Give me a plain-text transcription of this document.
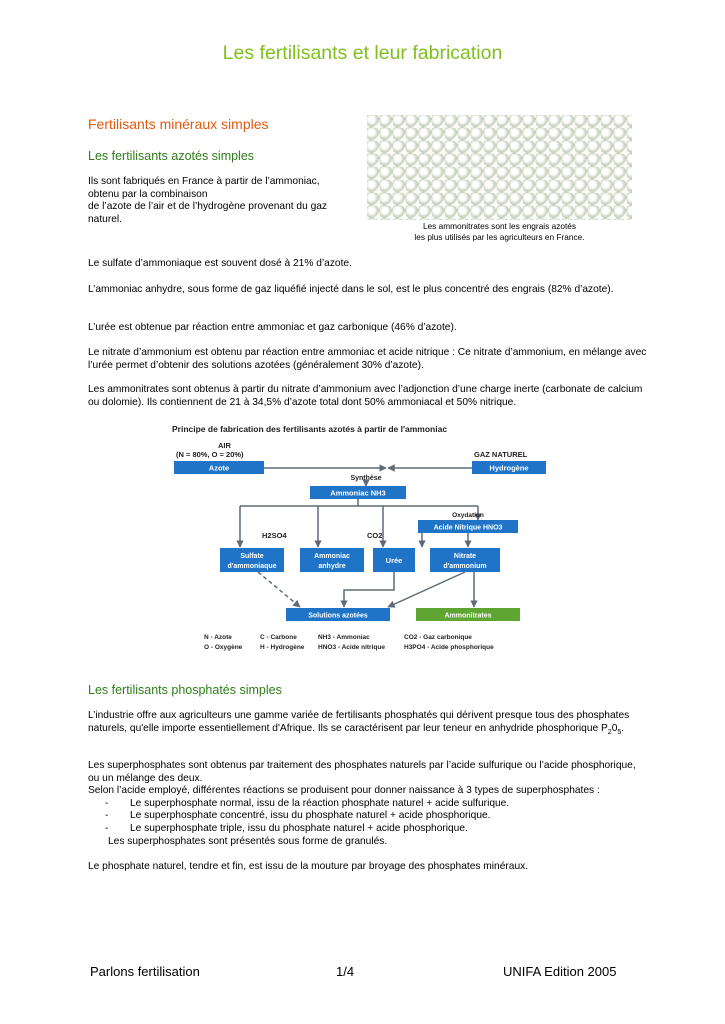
Les fertilisants et leur fabrication
Fertilisants minéraux simples
Les fertilisants azotés simples
Ils sont fabriqués en France à partir de l’ammoniac,
obtenu par la combinaison
de l’azote de l’air et de l’hydrogène provenant du gaz
naturel.
Les ammonitrates sont les engrais azotés
les plus utilisés par les agriculteurs en France.
Le sulfate d’ammoniaque est souvent dosé à 21% d’azote.
L’ammoniac anhydre, sous forme de gaz liquéfié injecté dans le sol, est le plus concentré des engrais (82% d’azote).
L’urée est obtenue par réaction entre ammoniac et gaz carbonique (46% d’azote).
Le nitrate d’ammonium est obtenu par réaction entre ammoniac et acide nitrique : Ce nitrate d’ammonium, en mélange avec l’urée permet d’obtenir des solutions azotées (généralement 30% d’azote).
Les ammonitrates sont obtenus à partir du nitrate d’ammonium avec l’adjonction d’une charge inerte (carbonate de calcium ou dolomie). Ils contiennent de 21 à 34,5% d’azote total dont 50% ammoniacal et 50% nitrique.
Principe de fabrication des fertilisants azotés à partir de l'ammoniac
AIR
(N = 80%, O = 20%)	GAZ NATUREL
Azote	Hydrogène
Synthèse
Ammoniac NH3
Oxydation
Acide Nitrique HNO3
H2SO4	CO2
Sulfate
d'ammoniaque
Ammoniac
anhydre
Urée	Nitrate
d'ammonium
Solutions azotées	Ammonitrates
N - Azote	C - Carbone	NH3 - Ammoniac	CO2 - Gaz carbonique
O - Oxygène	H - Hydrogène HNO3 - Acide nitrique	H3PO4 - Acide phosphorique
Les fertilisants phosphatés simples
L’industrie offre aux agriculteurs une gamme variée de fertilisants phosphatés qui dérivent presque tous des phosphates naturels, qu'elle importe essentiellement d'Afrique. Ils se caractérisent par leur teneur en anhydride phosphorique $P_20_5$.
Les superphosphates sont obtenus par traitement des phosphates naturels par l’acide sulfurique ou l’acide phosphorique, ou un mélange des deux.
Selon l’acide employé, différentes réactions se produisent pour donner naissance à 3 types de superphosphates :
- Le superphosphate normal, issu de la réaction phosphate naturel + acide sulfurique.
- Le superphosphate concentré, issu du phosphate naturel + acide phosphorique.
- Le superphosphate triple, issu du phosphate naturel + acide phosphorique.
Les superphosphates sont présentés sous forme de granulés.
Le phosphate naturel, tendre et fin, est issu de la mouture par broyage des phosphates minéraux.
Parlons fertilisation	1/4	UNIFA Edition 2005
